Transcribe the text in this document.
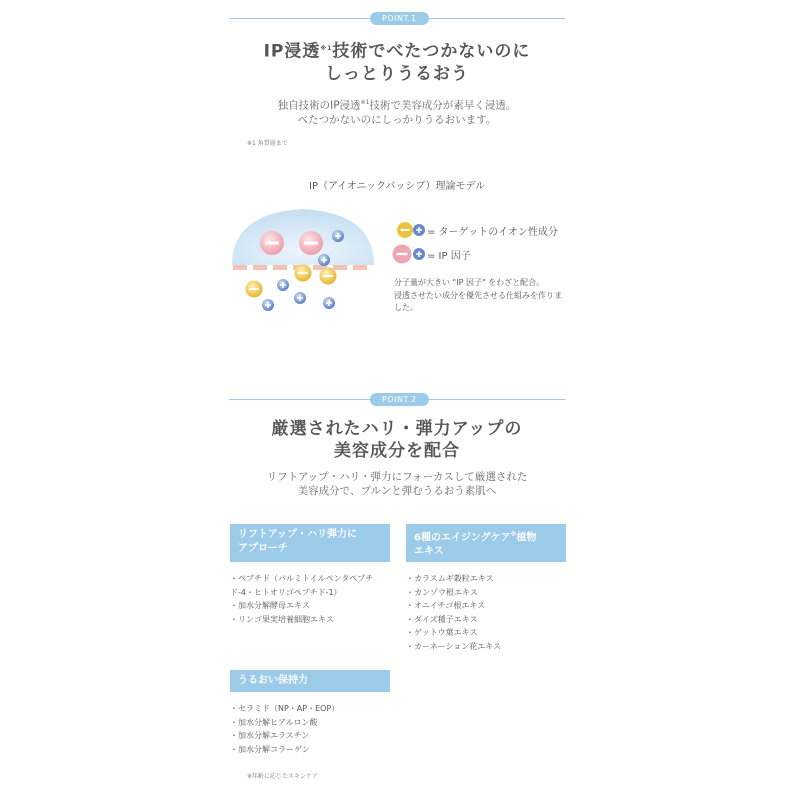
POINT.1
IP浸透$^{※1}$技術でべたつかないのに
しっとりうるおう
独自技術のIP浸透$^{※1}$技術で美容成分が素早く浸透。
べたつかないのにしっかりうるおいます。
※1 角質層まで
IP（アイオニックパッシブ）理論モデル
= ターゲットのイオン性成分
= IP 因子
分子量が大きい "IP 因子" をわざと配合。
浸透させたい成分を優先させる仕組みを作りま
した。
POINT.2
厳選されたハリ・弾力アップの
美容成分を配合
リフトアップ・ハリ・弾力にフォーカスして厳選された
美容成分で、プルンと弾むうるおう素肌へ
リフトアップ・ハリ弾力に
アプローチ
・ペプチド（パルミトイルペンタペプチ
ド-4・ヒトオリゴペプチド-1）
・加水分解酵母エキス
・リンゴ果実培養細胞エキス
6種のエイジングケア※植物
エキス
・カラスムギ穀粒エキス
・カンゾウ根エキス
・オニイチゴ根エキス
・ダイズ種子エキス
・ゲットウ葉エキス
・カーネーション花エキス
うるおい保持力
・セラミド（NP・AP・EOP）
・加水分解ヒアルロン酸
・加水分解エラスチン
・加水分解コラーゲン
※年齢に応じたスキンケア
